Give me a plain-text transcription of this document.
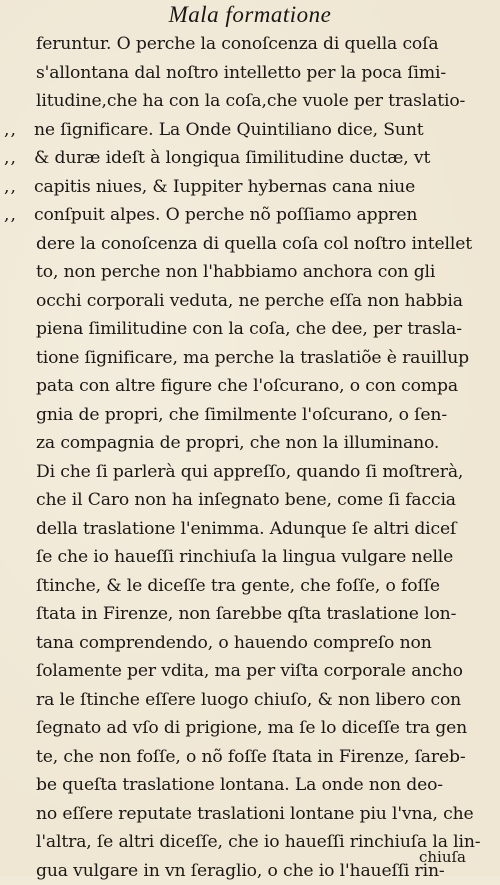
Mala formatione
feruntur. O perche la conoſcenza di quella coſa
s'allontana dal noſtro intelletto per la poca ſimi-
litudine,che ha con la coſa,che vuole per traslatio-
,, ne ſignificare. La Onde Quintiliano dice, Sunt
,, & duræ ideſt à longiqua ſimilitudine ductæ, vt
,, capitis niues, & Iuppiter hybernas cana niue
,, conſpuit alpes. O perche nõ poſſiamo appren
dere la conoſcenza di quella coſa col noſtro intellet
to, non perche non l'habbiamo anchora con gli
occhi corporali veduta, ne perche eſſa non habbia
piena ſimilitudine con la coſa, che dee, per trasla-
tione ſignificare, ma perche la traslatiõe è rauillup
pata con altre figure che l'oſcurano, o con compa
gnia de propri, che ſimilmente l'oſcurano, o ſen-
za compagnia de propri, che non la illuminano.
Di che ſi parlerà qui appreſſo, quando ſi moſtrerà,
che il Caro non ha inſegnato bene, come ſi faccia
della traslatione l'enimma. Adunque ſe altri diceſ
ſe che io haueſſi rinchiuſa la lingua vulgare nelle
ſtinche, & le diceſſe tra gente, che foſſe, o foſſe
ſtata in Firenze, non ſarebbe qſta traslatione lon-
tana comprendendo, o hauendo compreſo non
ſolamente per vdita, ma per viſta corporale ancho
ra le ſtinche eſſere luogo chiuſo, & non libero con
ſegnato ad vſo di prigione, ma ſe lo diceſſe tra gen
te, che non foſſe, o nõ foſſe ſtata in Firenze, ſareb-
be queſta traslatione lontana. La onde non deo-
no eſſere reputate traslationi lontane piu l'vna, che
l'altra, ſe altri diceſſe, che io haueſſi rinchiuſa la lin-
gua vulgare in vn ſeraglio, o che io l'haueſſi rin-
chiuſa
